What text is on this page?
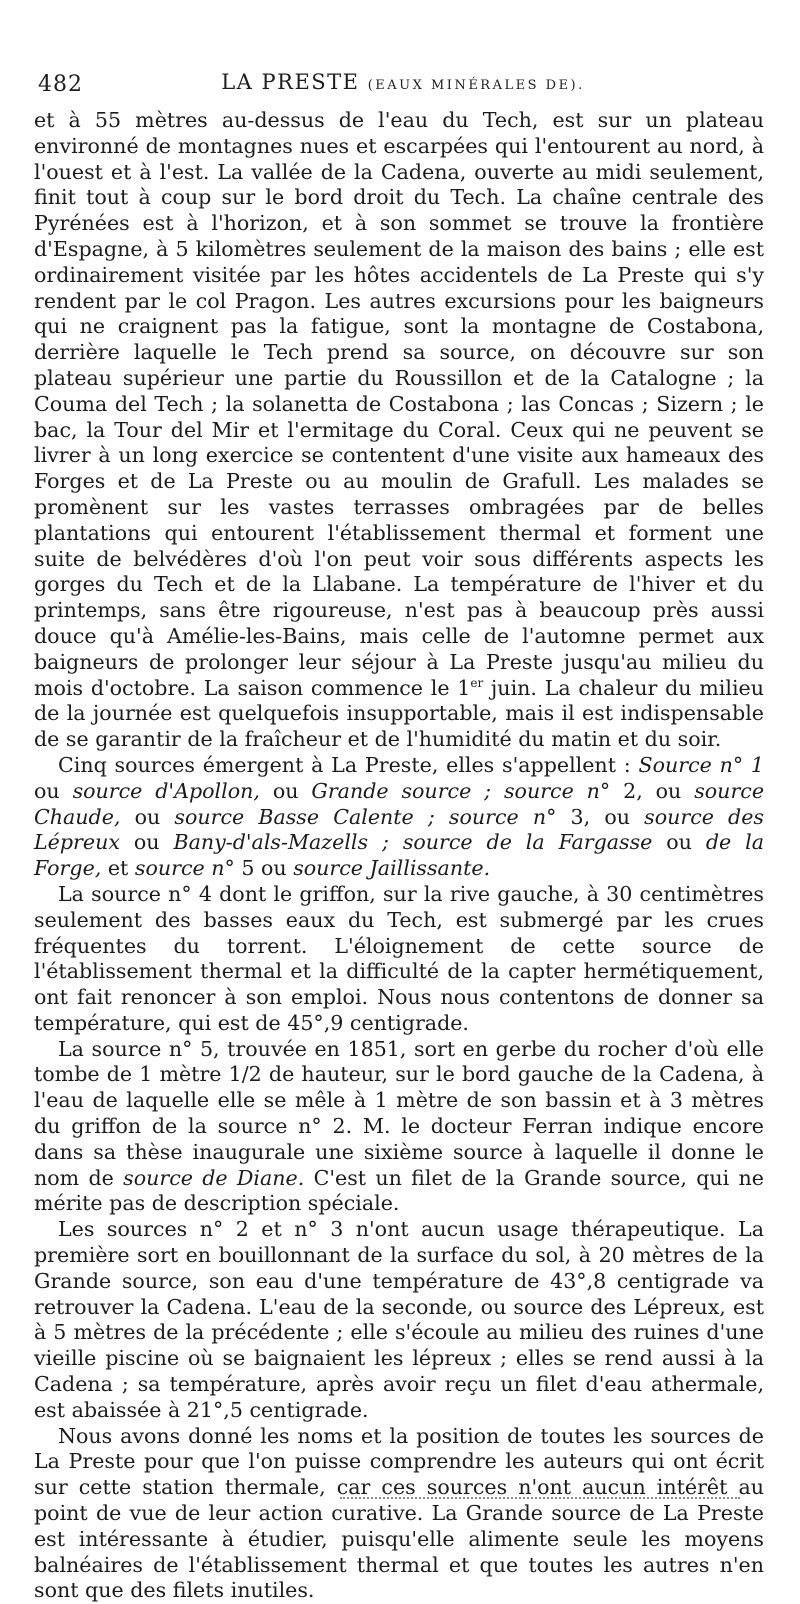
482	LA PRESTE (EAUX MINÉRALES DE).

et à 55 mètres au-dessus de l'eau du Tech, est sur un plateau environné de montagnes nues et escarpées qui l'entourent au nord, à l'ouest et à l'est. La vallée de la Cadena, ouverte au midi seulement, finit tout à coup sur le bord droit du Tech. La chaîne centrale des Pyrénées est à l'horizon, et à son sommet se trouve la frontière d'Espagne, à 5 kilomètres seulement de la maison des bains ; elle est ordinairement visitée par les hôtes accidentels de La Preste qui s'y rendent par le col Pragon. Les autres excursions pour les baigneurs qui ne craignent pas la fatigue, sont la montagne de Costabona, derrière laquelle le Tech prend sa source, on découvre sur son plateau supérieur une partie du Roussillon et de la Catalogne ; la Couma del Tech ; la solanetta de Costabona ; las Concas ; Sizern ; le bac, la Tour del Mir et l'ermitage du Coral. Ceux qui ne peuvent se livrer à un long exercice se contentent d'une visite aux hameaux des Forges et de La Preste ou au moulin de Grafull. Les malades se promènent sur les vastes terrasses ombragées par de belles plantations qui entourent l'établissement thermal et forment une suite de belvédères d'où l'on peut voir sous différents aspects les gorges du Tech et de la Llabane. La température de l'hiver et du printemps, sans être rigoureuse, n'est pas à beaucoup près aussi douce qu'à Amélie-les-Bains, mais celle de l'automne permet aux baigneurs de prolonger leur séjour à La Preste jusqu'au milieu du mois d'octobre. La saison commence le 1er juin. La chaleur du milieu de la journée est quelquefois insupportable, mais il est indispensable de se garantir de la fraîcheur et de l'humidité du matin et du soir.

Cinq sources émergent à La Preste, elles s'appellent : Source n° 1 ou source d'Apollon, ou Grande source ; source n° 2, ou source Chaude, ou source Basse Calente ; source n° 3, ou source des Lépreux ou Bany-d'als-Mazells ; source de la Fargasse ou de la Forge, et source n° 5 ou source Jaillissante.

La source n° 4 dont le griffon, sur la rive gauche, à 30 centimètres seulement des basses eaux du Tech, est submergé par les crues fréquentes du torrent. L'éloignement de cette source de l'établissement thermal et la difficulté de la capter hermétiquement, ont fait renoncer à son emploi. Nous nous contentons de donner sa température, qui est de 45°,9 centigrade.

La source n° 5, trouvée en 1851, sort en gerbe du rocher d'où elle tombe de 1 mètre 1/2 de hauteur, sur le bord gauche de la Cadena, à l'eau de laquelle elle se mêle à 1 mètre de son bassin et à 3 mètres du griffon de la source n° 2. M. le docteur Ferran indique encore dans sa thèse inaugurale une sixième source à laquelle il donne le nom de source de Diane. C'est un filet de la Grande source, qui ne mérite pas de description spéciale.

Les sources n° 2 et n° 3 n'ont aucun usage thérapeutique. La première sort en bouillonnant de la surface du sol, à 20 mètres de la Grande source, son eau d'une température de 43°,8 centigrade va retrouver la Cadena. L'eau de la seconde, ou source des Lépreux, est à 5 mètres de la précédente ; elle s'écoule au milieu des ruines d'une vieille piscine où se baignaient les lépreux ; elles se rend aussi à la Cadena ; sa température, après avoir reçu un filet d'eau athermale, est abaissée à 21°,5 centigrade.

Nous avons donné les noms et la position de toutes les sources de La Preste pour que l'on puisse comprendre les auteurs qui ont écrit sur cette station thermale, car ces sources n'ont aucun intérêt au point de vue de leur action curative. La Grande source de La Preste est intéressante à étudier, puisqu'elle alimente seule les moyens balnéaires de l'établissement thermal et que toutes les autres n'en sont que des filets inutiles.
